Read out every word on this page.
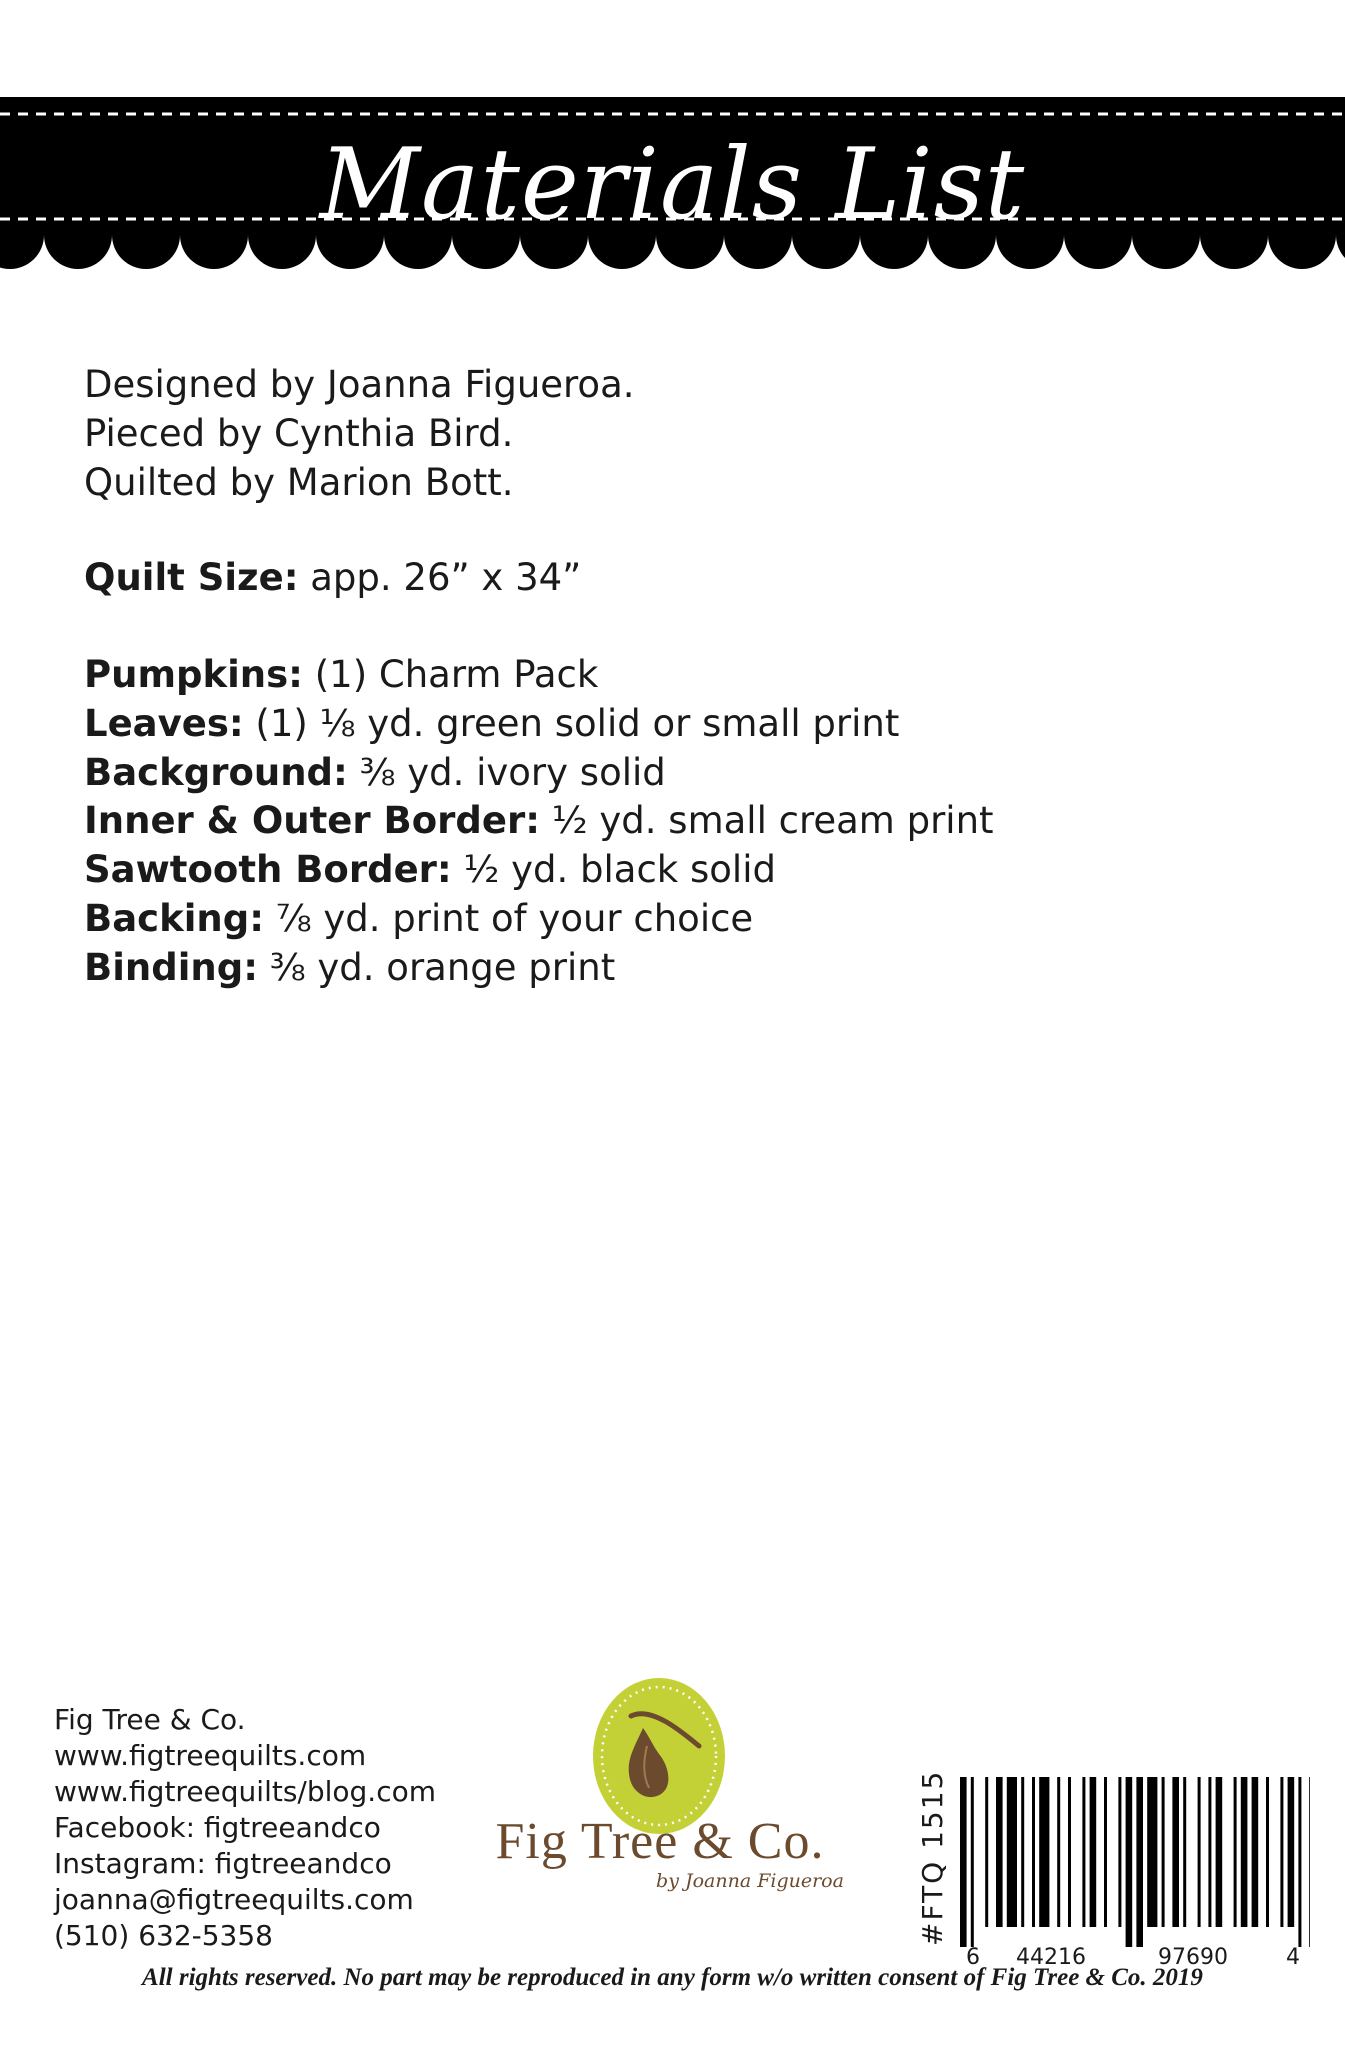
Materials List
Designed by Joanna Figueroa.
Pieced by Cynthia Bird.
Quilted by Marion Bott.
Quilt Size: app. 26” x 34”
Pumpkins: (1) Charm Pack
Leaves: (1) ⅛ yd. green solid or small print
Background: ⅜ yd. ivory solid
Inner & Outer Border: ½ yd. small cream print
Sawtooth Border: ½ yd. black solid
Backing: ⅞ yd. print of your choice
Binding: ⅜ yd. orange print
Fig Tree & Co.
www.figtreequilts.com
www.figtreequilts/blog.com
Facebook: figtreeandco
Instagram: figtreeandco
joanna@figtreequilts.com
(510) 632-5358
Fig Tree & Co.
by Joanna Figueroa	#FTQ 1515
6 44216	97690	4
All rights reserved. No part may be reproduced in any form w/o written consent of Fig Tree & Co. 2019
